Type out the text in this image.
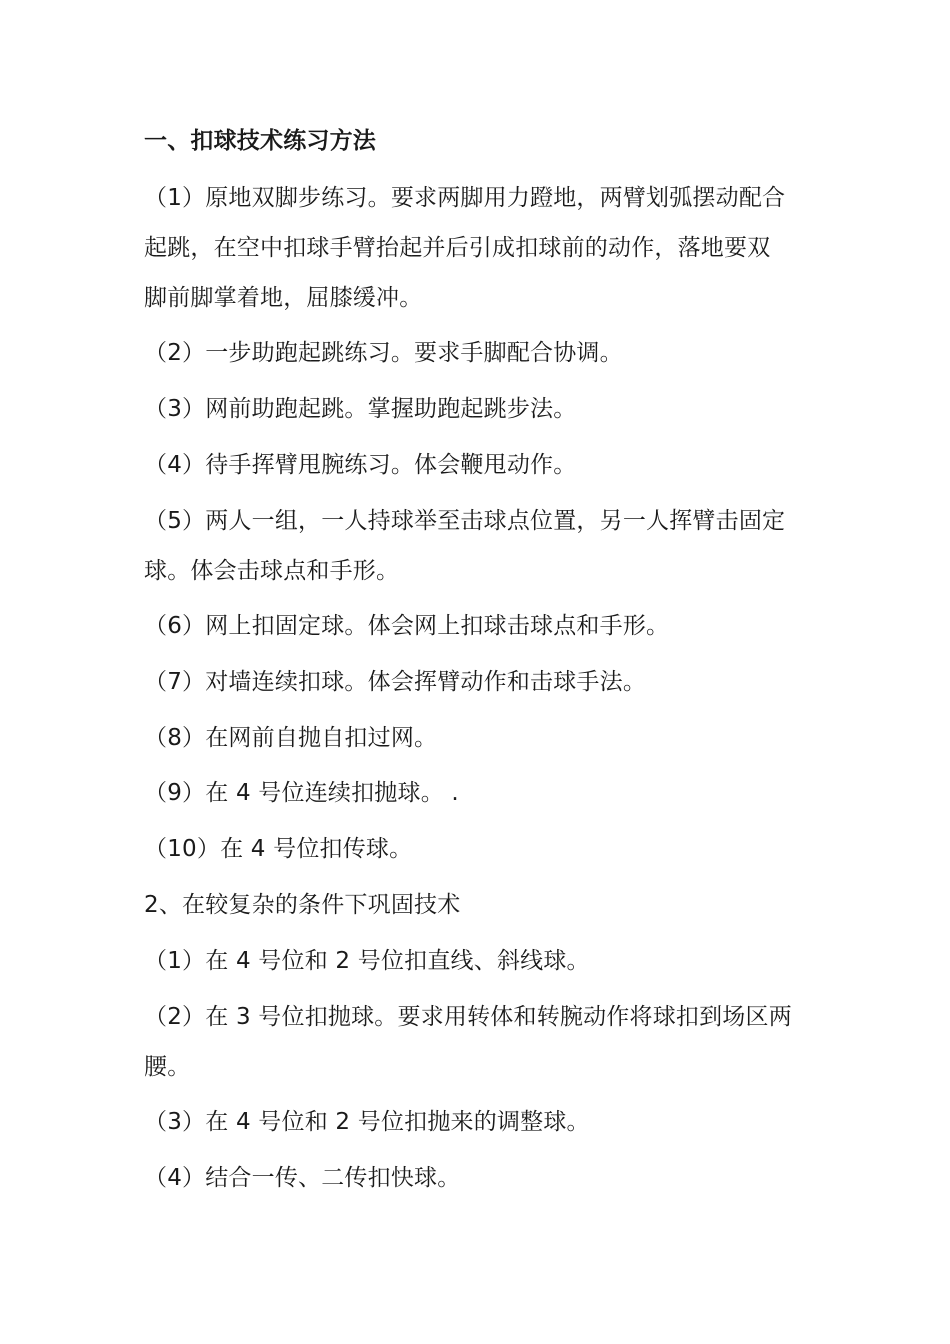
一、扣球技术练习方法
（1）原地双脚步练习。要求两脚用力蹬地，两臂划弧摆动配合
起跳，在空中扣球手臂抬起并后引成扣球前的动作，落地要双
脚前脚掌着地，屈膝缓冲。
（2）一步助跑起跳练习。要求手脚配合协调。
（3）网前助跑起跳。掌握助跑起跳步法。
（4）待手挥臂甩腕练习。体会鞭甩动作。
（5）两人一组，一人持球举至击球点位置，另一人挥臂击固定
球。体会击球点和手形。
（6）网上扣固定球。体会网上扣球击球点和手形。
（7）对墙连续扣球。体会挥臂动作和击球手法。
（8）在网前自抛自扣过网。
（9）在 4 号位连续扣抛球。 .
（10）在 4 号位扣传球。
2、在较复杂的条件下巩固技术
（1）在 4 号位和 2 号位扣直线、斜线球。
（2）在 3 号位扣抛球。要求用转体和转腕动作将球扣到场区两
腰。
（3）在 4 号位和 2 号位扣抛来的调整球。
（4）结合一传、二传扣快球。
